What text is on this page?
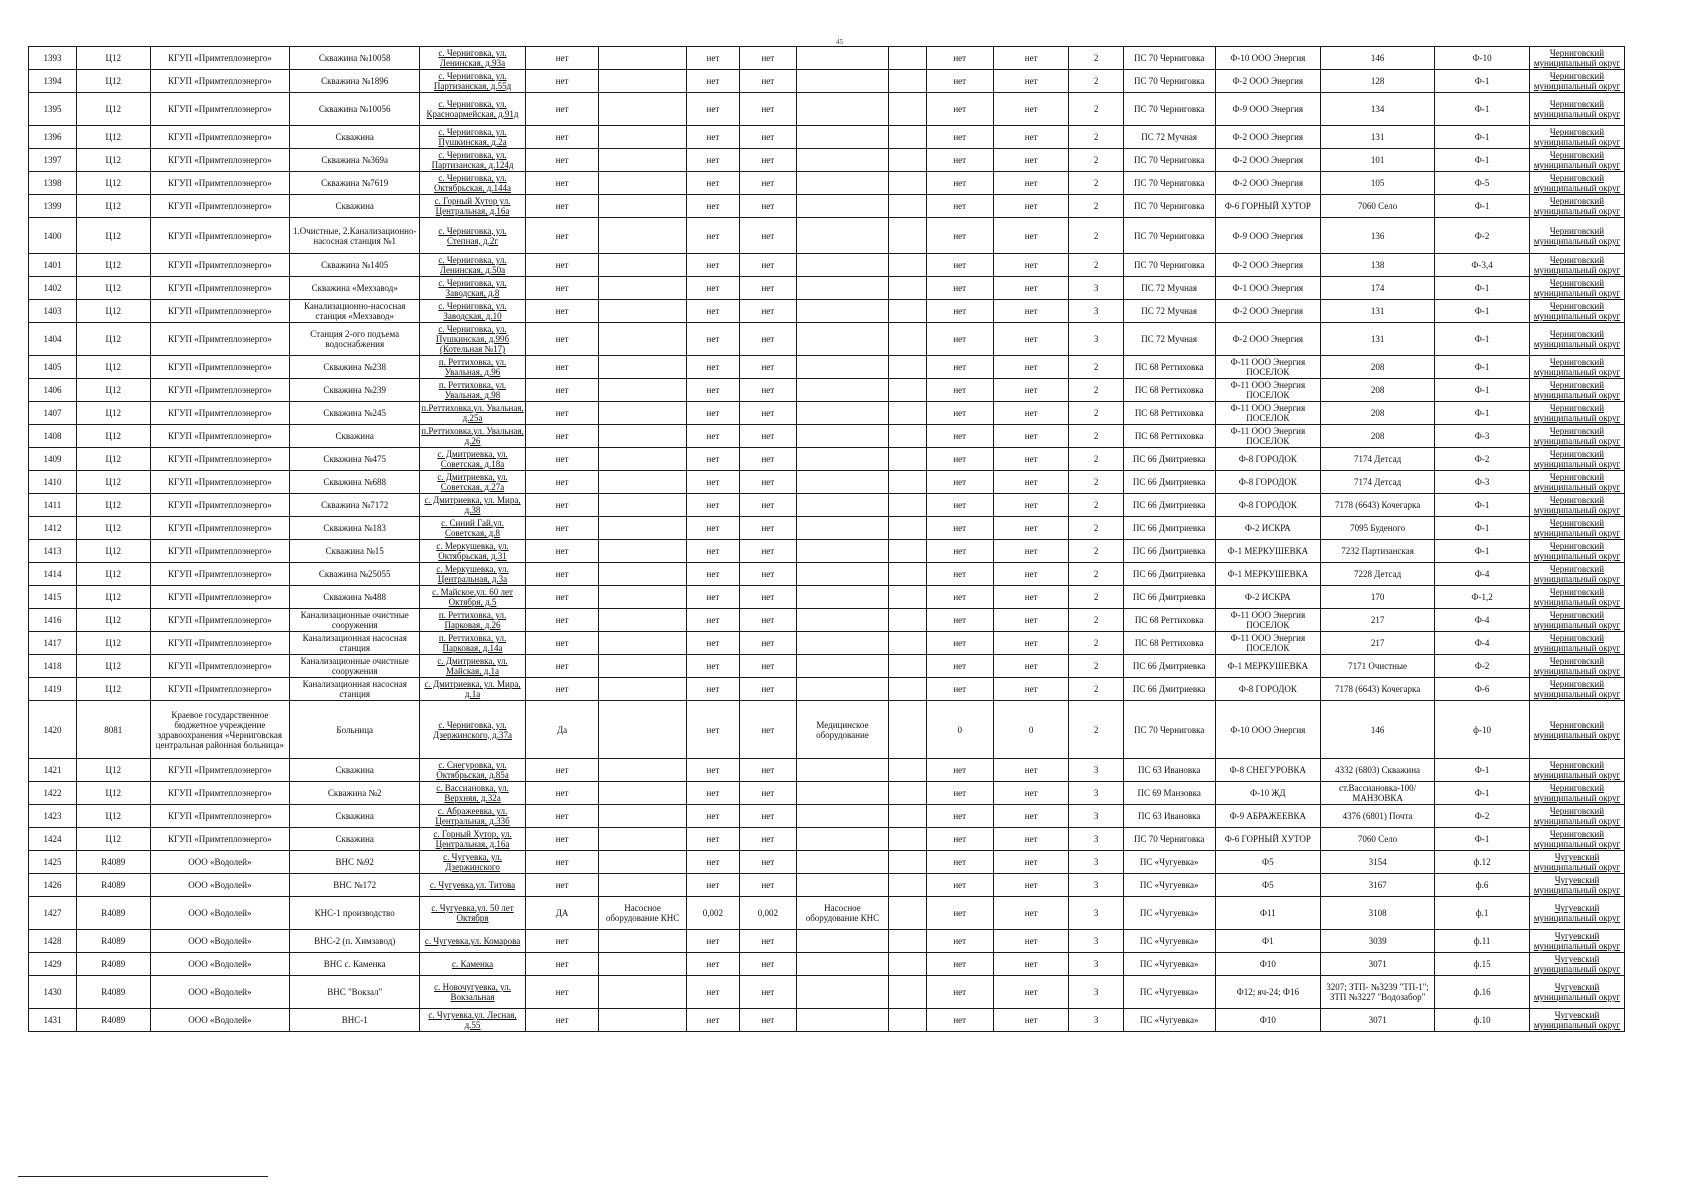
45
1393	Ц12	КГУП «Примтеплоэнерго»	Скважина №10058	с. Черниговка, ул. Ленинская, д.93а	нет		нет	нет			нет	нет	2	ПС 70 Черниговка	Ф-10 ООО Энергия	146	Ф-10	Черниговский муниципальный округ
1394	Ц12	КГУП «Примтеплоэнерго»	Скважина №1896	с. Черниговка, ул. Партизанская, д.55д	нет		нет	нет			нет	нет	2	ПС 70 Черниговка	Ф-2 ООО Энергия	128	Ф-1	Черниговский муниципальный округ
1395	Ц12	КГУП «Примтеплоэнерго»	Скважина №10056	с. Черниговка, ул. Красноармейская, д.91д	нет		нет	нет			нет	нет	2	ПС 70 Черниговка	Ф-9 ООО Энергия	134	Ф-1	Черниговский муниципальный округ
1396	Ц12	КГУП «Примтеплоэнерго»	Скважина	с. Черниговка, ул. Пушкинская, д.2а	нет		нет	нет			нет	нет	2	ПС 72 Мучная	Ф-2 ООО Энергия	131	Ф-1	Черниговский муниципальный округ
1397	Ц12	КГУП «Примтеплоэнерго»	Скважина №369а	с. Черниговка, ул. Партизанская, д.124д	нет		нет	нет			нет	нет	2	ПС 70 Черниговка	Ф-2 ООО Энергия	101	Ф-1	Черниговский муниципальный округ
1398	Ц12	КГУП «Примтеплоэнерго»	Скважина №7619	с. Черниговка, ул. Октябрьская, д.144а	нет		нет	нет			нет	нет	2	ПС 70 Черниговка	Ф-2 ООО Энергия	105	Ф-5	Черниговский муниципальный округ
1399	Ц12	КГУП «Примтеплоэнерго»	Скважина	с. Горный Хутор ул. Центральная, д.16а	нет		нет	нет			нет	нет	2	ПС 70 Черниговка	Ф-6 ГОРНЫЙ ХУТОР	7060 Село	Ф-1	Черниговский муниципальный округ
1400	Ц12	КГУП «Примтеплоэнерго»	1.Очистные, 2.Канализационно-насосная станция №1	с. Черниговка, ул. Степная, д.2г	нет		нет	нет			нет	нет	2	ПС 70 Черниговка	Ф-9 ООО Энергия	136	Ф-2	Черниговский муниципальный округ
1401	Ц12	КГУП «Примтеплоэнерго»	Скважина №1405	с. Черниговка, ул. Ленинская, д.50а	нет		нет	нет			нет	нет	2	ПС 70 Черниговка	Ф-2 ООО Энергия	138	Ф-3,4	Черниговский муниципальный округ
1402	Ц12	КГУП «Примтеплоэнерго»	Скважина «Мехзавод»	с. Черниговка, ул. Заводская, д.8	нет		нет	нет			нет	нет	3	ПС 72 Мучная	Ф-1 ООО Энергия	174	Ф-1	Черниговский муниципальный округ
1403	Ц12	КГУП «Примтеплоэнерго»	Канализационно-насосная станция «Мехзавод»	с. Черниговка, ул. Заводская, д.10	нет		нет	нет			нет	нет	3	ПС 72 Мучная	Ф-2 ООО Энергия	131	Ф-1	Черниговский муниципальный округ
1404	Ц12	КГУП «Примтеплоэнерго»	Станция 2-ого подъема водоснабжения	с. Черниговка, ул. Пушкинская, д.99б (Котельная №17)	нет		нет	нет			нет	нет	3	ПС 72 Мучная	Ф-2 ООО Энергия	131	Ф-1	Черниговский муниципальный округ
1405	Ц12	КГУП «Примтеплоэнерго»	Скважина №238	п. Реттиховка, ул. Увальная, д.96	нет		нет	нет			нет	нет	2	ПС 68 Реттиховка	Ф-11 ООО Энергия ПОСЕЛОК	208	Ф-1	Черниговский муниципальный округ
1406	Ц12	КГУП «Примтеплоэнерго»	Скважина №239	п. Реттиховка, ул. Увальная, д.98	нет		нет	нет			нет	нет	2	ПС 68 Реттиховка	Ф-11 ООО Энергия ПОСЕЛОК	208	Ф-1	Черниговский муниципальный округ
1407	Ц12	КГУП «Примтеплоэнерго»	Скважина №245	п.Реттиховка,ул. Увальная, д.25а	нет		нет	нет			нет	нет	2	ПС 68 Реттиховка	Ф-11 ООО Энергия ПОСЕЛОК	208	Ф-1	Черниговский муниципальный округ
1408	Ц12	КГУП «Примтеплоэнерго»	Скважина	п.Реттиховка,ул. Увальная, д.26	нет		нет	нет			нет	нет	2	ПС 68 Реттиховка	Ф-11 ООО Энергия ПОСЕЛОК	208	Ф-3	Черниговский муниципальный округ
1409	Ц12	КГУП «Примтеплоэнерго»	Скважина №475	с. Дмитриевка, ул. Советская, д.18а	нет		нет	нет			нет	нет	2	ПС 66 Дмитриевка	Ф-8 ГОРОДОК	7174 Детсад	Ф-2	Черниговский муниципальный округ
1410	Ц12	КГУП «Примтеплоэнерго»	Скважина №688	с. Дмитриевка, ул. Советская, д.27а	нет		нет	нет			нет	нет	2	ПС 66 Дмитриевка	Ф-8 ГОРОДОК	7174 Детсад	Ф-3	Черниговский муниципальный округ
1411	Ц12	КГУП «Примтеплоэнерго»	Скважина №7172	с. Дмитриевка, ул. Мира, д.38	нет		нет	нет			нет	нет	2	ПС 66 Дмитриевка	Ф-8 ГОРОДОК	7178 (6643) Кочегарка	Ф-1	Черниговский муниципальный округ
1412	Ц12	КГУП «Примтеплоэнерго»	Скважина №183	с. Синий Гай,ул. Советская, д.8	нет		нет	нет			нет	нет	2	ПС 66 Дмитриевка	Ф-2 ИСКРА	7095 Буденого	Ф-1	Черниговский муниципальный округ
1413	Ц12	КГУП «Примтеплоэнерго»	Скважина №15	с. Меркушевка, ул. Октябрьская, д.31	нет		нет	нет			нет	нет	2	ПС 66 Дмитриевка	Ф-1 МЕРКУШЕВКА	7232 Партизанская	Ф-1	Черниговский муниципальный округ
1414	Ц12	КГУП «Примтеплоэнерго»	Скважина №25055	с. Меркушевка, ул. Центральная, д.3а	нет		нет	нет			нет	нет	2	ПС 66 Дмитриевка	Ф-1 МЕРКУШЕВКА	7228 Детсад	Ф-4	Черниговский муниципальный округ
1415	Ц12	КГУП «Примтеплоэнерго»	Скважина №488	с. Майское,ул. 60 лет Октября, д.5	нет		нет	нет			нет	нет	2	ПС 66 Дмитриевка	Ф-2 ИСКРА	170	Ф-1,2	Черниговский муниципальный округ
1416	Ц12	КГУП «Примтеплоэнерго»	Канализационные очистные сооружения	п. Реттиховка, ул. Парковая, д.26	нет		нет	нет			нет	нет	2	ПС 68 Реттиховка	Ф-11 ООО Энергия ПОСЕЛОК	217	Ф-4	Черниговский муниципальный округ
1417	Ц12	КГУП «Примтеплоэнерго»	Канализационная насосная станция	п. Реттиховка, ул. Парковая, д.14а	нет		нет	нет			нет	нет	2	ПС 68 Реттиховка	Ф-11 ООО Энергия ПОСЕЛОК	217	Ф-4	Черниговский муниципальный округ
1418	Ц12	КГУП «Примтеплоэнерго»	Канализационные очистные сооружения	с. Дмитриевка, ул. Майская, д.1а	нет		нет	нет			нет	нет	2	ПС 66 Дмитриевка	Ф-1 МЕРКУШЕВКА	7171 Очистные	Ф-2	Черниговский муниципальный округ
1419	Ц12	КГУП «Примтеплоэнерго»	Канализационная насосная станция	с. Дмитриевка, ул. Мира, д.1а	нет		нет	нет			нет	нет	2	ПС 66 Дмитриевка	Ф-8 ГОРОДОК	7178 (6643) Кочегарка	Ф-6	Черниговский муниципальный округ
1420	8081	Краевое государственное бюджетное учреждение здравоохранения «Черниговская центральная районная больница»	Больница	с. Черниговка, ул. Дзержинского, д.37а	Да		нет	нет	Медицинское оборудование		0	0	2	ПС 70 Черниговка	Ф-10 ООО Энергия	146	ф-10	Черниговский муниципальный округ
1421	Ц12	КГУП «Примтеплоэнерго»	Скважина	с. Снегуровка, ул. Октябрьская, д.85а	нет		нет	нет			нет	нет	3	ПС 63 Ивановка	Ф-8 СНЕГУРОВКА	4332 (6803) Скважина	Ф-1	Черниговский муниципальный округ
1422	Ц12	КГУП «Примтеплоэнерго»	Скважина №2	с. Вассиановка, ул. Верхняя, д.32а	нет		нет	нет			нет	нет	3	ПС 69 Манзовка	Ф-10 ЖД	ст.Вассиановка-100/МАНЗОВКА	Ф-1	Черниговский муниципальный округ
1423	Ц12	КГУП «Примтеплоэнерго»	Скважина	с. Абражеевка, ул. Центральная, д.33б	нет		нет	нет			нет	нет	3	ПС 63 Ивановка	Ф-9 АБРАЖЕЕВКА	4376 (6801) Почта	Ф-2	Черниговский муниципальный округ
1424	Ц12	КГУП «Примтеплоэнерго»	Скважина	с. Горный Хутор, ул. Центральная, д.16а	нет		нет	нет			нет	нет	3	ПС 70 Черниговка	Ф-6 ГОРНЫЙ ХУТОР	7060 Село	Ф-1	Черниговский муниципальный округ
1425	R4089	ООО «Водолей»	ВНС №92	с. Чугуевка, ул. Дзержинского	нет		нет	нет			нет	нет	3	ПС «Чугуевка»	Ф5	3154	ф.12	Чугуевский муниципальный округ
1426	R4089	ООО «Водолей»	ВНС №172	с. Чугуевка,ул. Титова	нет		нет	нет			нет	нет	3	ПС «Чугуевка»	Ф5	3167	ф.6	Чугуевский муниципальный округ
1427	R4089	ООО «Водолей»	КНС-1 производство	с. Чугуевка,ул. 50 лет Октября	ДА	Насосное оборудование КНС	0,002	0,002	Насосное оборудование КНС		нет	нет	3	ПС «Чугуевка»	Ф11	3108	ф.1	Чугуевский муниципальный округ
1428	R4089	ООО «Водолей»	ВНС-2 (п. Химзавод)	с. Чугуевка,ул. Комарова	нет		нет	нет			нет	нет	3	ПС «Чугуевка»	Ф1	3039	ф.11	Чугуевский муниципальный округ
1429	R4089	ООО «Водолей»	ВНС с. Каменка	с. Каменка	нет		нет	нет			нет	нет	3	ПС «Чугуевка»	Ф10	3071	ф.15	Чугуевский муниципальный округ
1430	R4089	ООО «Водолей»	ВНС "Вокзал"	с. Новочугуевка, ул. Вокзальная	нет		нет	нет			нет	нет	3	ПС «Чугуевка»	Ф12; яч-24; Ф16	3207; ЗТП- №3239 "ТП-1"; ЗТП №3227 "Водозабор"	ф.16	Чугуевский муниципальный округ
1431	R4089	ООО «Водолей»	ВНС-1	с. Чугуевка,ул. Лесная, д.55	нет		нет	нет			нет	нет	3	ПС «Чугуевка»	Ф10	3071	ф.10	Чугуевский муниципальный округ
